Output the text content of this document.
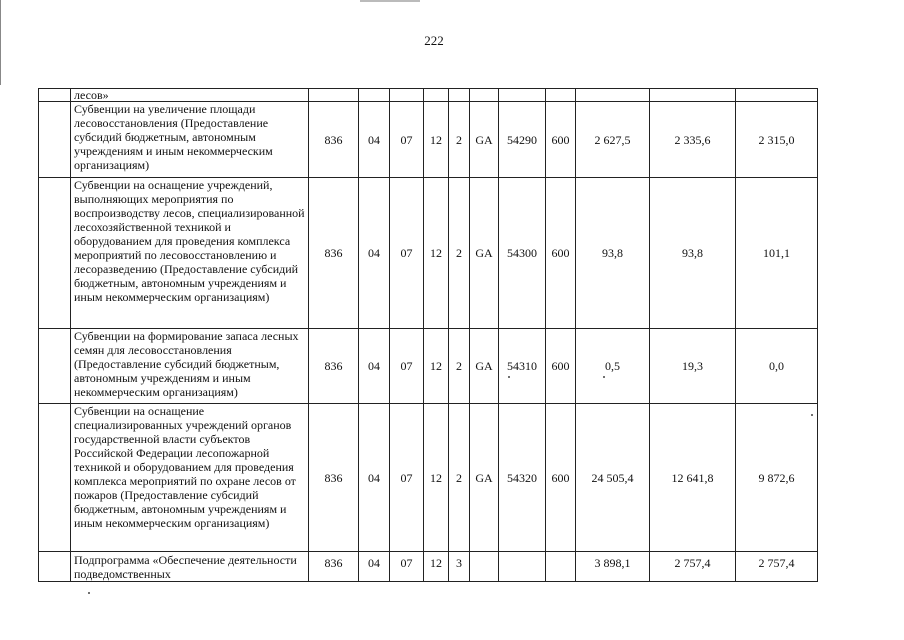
222
	лесов»											
	Субвенции на увеличение площади лесовосстановления (Предоставление субсидий бюджетным, автономным учреждениям и иным некоммерческим организациям)	836	04	07	12	2	GA	54290	600	2 627,5	2 335,6	2 315,0
	Субвенции на оснащение учреждений, выполняющих мероприятия по воспроизводству лесов, специализированной лесохозяйственной техникой и оборудованием для проведения комплекса мероприятий по лесовосстановлению и лесоразведению (Предоставление субсидий бюджетным, автономным учреждениям и иным некоммерческим организациям)	836	04	07	12	2	GA	54300	600	93,8	93,8	101,1
	Субвенции на формирование запаса лесных семян для лесовосстановления (Предоставление субсидий бюджетным, автономным учреждениям и иным некоммерческим организациям)	836	04	07	12	2	GA	54310	600	0,5	19,3	0,0
	Субвенции на оснащение специализированных учреждений органов государственной власти субъектов Российской Федерации лесопожарной техникой и оборудованием для проведения комплекса мероприятий по охране лесов от пожаров (Предоставление субсидий бюджетным, автономным учреждениям и иным некоммерческим организациям)	836	04	07	12	2	GA	54320	600	24 505,4	12 641,8	9 872,6
	Подпрограмма «Обеспечение деятельности подведомственных	836	04	07	12	3				3 898,1	2 757,4	2 757,4
